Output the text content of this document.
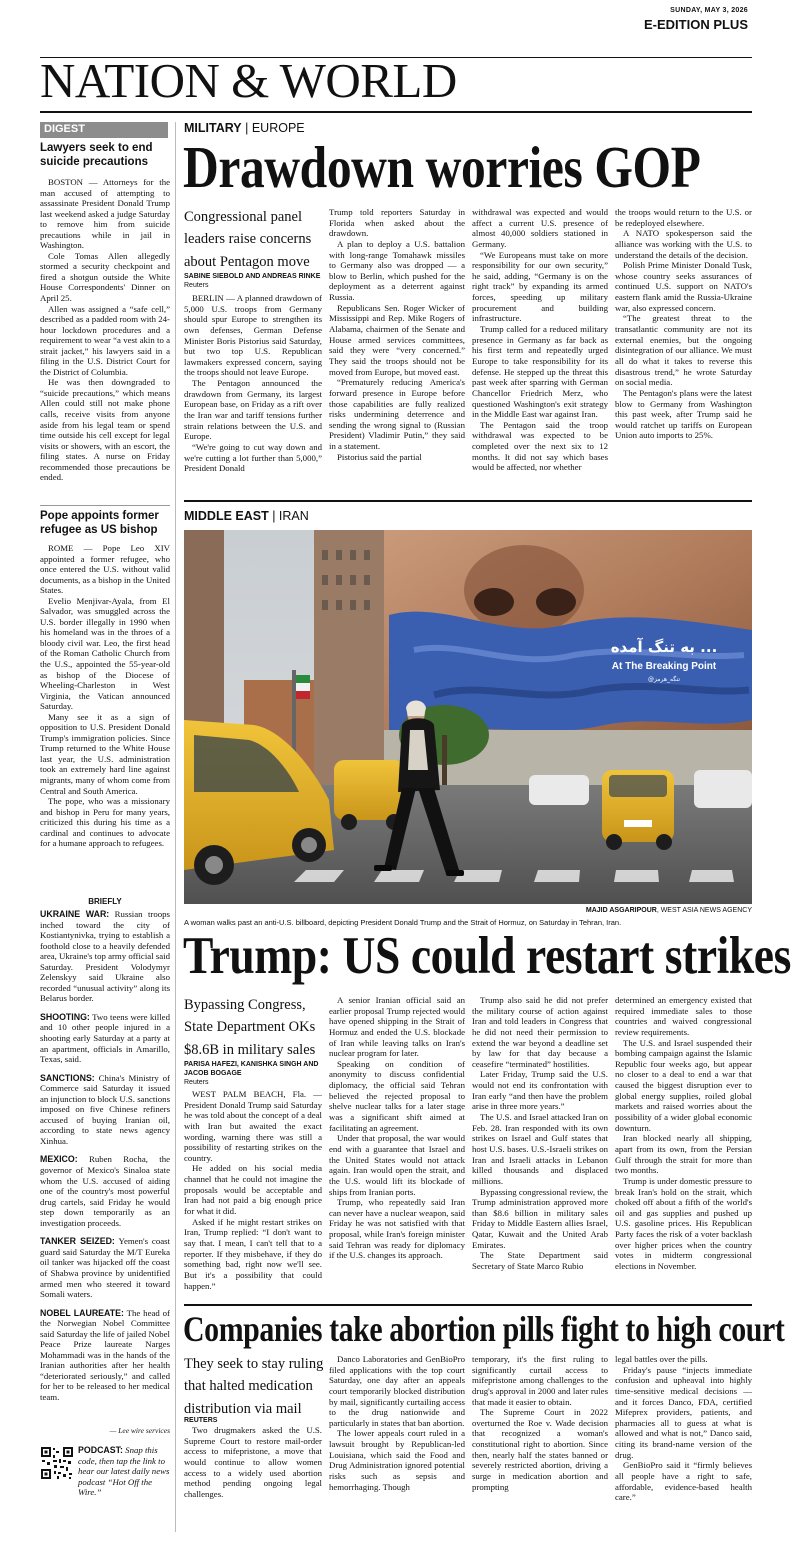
SUNDAY, MAY 3, 2026
E-EDITION PLUS
NATION & WORLD
DIGEST
Lawyers seek to end suicide precautions

BOSTON — Attorneys for the man accused of attempting to assassinate President Donald Trump last weekend asked a judge Saturday to remove him from suicide precautions while in jail in Washington.

Cole Tomas Allen allegedly stormed a security checkpoint and fired a shotgun outside the White House Correspondents' Dinner on April 25.

Allen was assigned a “safe cell,” described as a padded room with 24-hour lockdown procedures and a requirement to wear “a vest akin to a strait jacket,” his lawyers said in a filing in the U.S. District Court for the District of Columbia.

He was then downgraded to “suicide precautions,” which means Allen could still not make phone calls, receive visits from anyone aside from his legal team or spend time outside his cell except for legal visits or showers, with an escort, the filing states. A nurse on Friday recommended those precautions be ended.

Pope appoints former refugee as US bishop

ROME — Pope Leo XIV appointed a former refugee, who once entered the U.S. without valid documents, as a bishop in the United States.

Evelio Menjivar-Ayala, from El Salvador, was smuggled across the U.S. border illegally in 1990 when his homeland was in the throes of a bloody civil war. Leo, the first head of the Roman Catholic Church from the U.S., appointed the 55-year-old as bishop of the Diocese of Wheeling-Charleston in West Virginia, the Vatican announced Saturday.

Many see it as a sign of opposition to U.S. President Donald Trump's immigration policies. Since Trump returned to the White House last year, the U.S. administration took an extremely hard line against migrants, many of whom come from Central and South America.

The pope, who was a missionary and bishop in Peru for many years, criticized this during his time as a cardinal and continues to advocate for a humane approach to refugees.

BRIEFLY
UKRAINE WAR: Russian troops inched toward the city of Kostiantynivka, trying to establish a foothold close to a heavily defended area, Ukraine's top army official said Saturday. President Volodymyr Zelenskyy said Ukraine also recorded “unusual activity” along its Belarus border.
SHOOTING: Two teens were killed and 10 other people injured in a shooting early Saturday at a party at an apartment, officials in Amarillo, Texas, said.
SANCTIONS: China's Ministry of Commerce said Saturday it issued an injunction to block U.S. sanctions imposed on five Chinese refiners accused of buying Iranian oil, according to state news agency Xinhua.
MEXICO: Ruben Rocha, the governor of Mexico's Sinaloa state whom the U.S. accused of aiding one of the country's most powerful drug cartels, said Friday he would step down temporarily as an investigation proceeds.
TANKER SEIZED: Yemen's coast guard said Saturday the M/T Eureka oil tanker was hijacked off the coast of Shabwa province by unidentified armed men who steered it toward Somali waters.
NOBEL LAUREATE: The head of the Norwegian Nobel Committee said Saturday the life of jailed Nobel Peace Prize laureate Narges Mohammadi was in the hands of the Iranian authorities after her health “deteriorated seriously,” and called for her to be released to her medical team.
— Lee wire services
PODCAST: Snap this code, then tap the link to hear our latest daily news podcast “Hot Off the Wire.”
MILITARY | EUROPE
Drawdown worries GOP
Congressional panel leaders raise concerns about Pentagon move
SABINE SIEBOLD AND ANDREAS RINKE
Reuters

BERLIN — A planned drawdown of 5,000 U.S. troops from Germany should spur Europe to strengthen its own defenses, German Defense Minister Boris Pistorius said Saturday, but two top U.S. Republican lawmakers expressed concern, saying the troops should not leave Europe.

The Pentagon announced the drawdown from Germany, its largest European base, on Friday as a rift over the Iran war and tariff tensions further strain relations between the U.S. and Europe.

“We're going to cut way down and we're cutting a lot further than 5,000,” President Donald

Trump told reporters Saturday in Florida when asked about the drawdown.

A plan to deploy a U.S. battalion with long-range Tomahawk missiles to Germany also was dropped — a blow to Berlin, which pushed for the deployment as a deterrent against Russia.

Republicans Sen. Roger Wicker of Mississippi and Rep. Mike Rogers of Alabama, chairmen of the Senate and House armed services committees, said they were “very concerned.” They said the troops should not be moved from Europe, but moved east.

“Prematurely reducing America's forward presence in Europe before those capabilities are fully realized risks undermining deterrence and sending the wrong signal to (Russian President) Vladimir Putin,” they said in a statement.

Pistorius said the partial

withdrawal was expected and would affect a current U.S. presence of almost 40,000 soldiers stationed in Germany.

“We Europeans must take on more responsibility for our own security,” he said, adding, “Germany is on the right track” by expanding its armed forces, speeding up military procurement and building infrastructure.

Trump called for a reduced military presence in Germany as far back as his first term and repeatedly urged Europe to take responsibility for its defense. He stepped up the threat this past week after sparring with German Chancellor Friedrich Merz, who questioned Washington's exit strategy in the Middle East war against Iran.

The Pentagon said the troop withdrawal was expected to be completed over the next six to 12 months. It did not say which bases would be affected, nor whether

the troops would return to the U.S. or be redeployed elsewhere.

A NATO spokesperson said the alliance was working with the U.S. to understand the details of the decision.

Polish Prime Minister Donald Tusk, whose country seeks assurances of continued U.S. support on NATO's eastern flank amid the Russia-Ukraine war, also expressed concern.

“The greatest threat to the transatlantic community are not its external enemies, but the ongoing disintegration of our alliance. We must all do what it takes to reverse this disastrous trend,” he wrote Saturday on social media.

The Pentagon's plans were the latest blow to Germany from Washington this past week, after Trump said he would ratchet up tariffs on European Union auto imports to 25%.

MIDDLE EAST | IRAN
به تنگ آمده ...
At The Breaking Point
@تنگه_هرمز
MAJID ASGARIPOUR, WEST ASIA NEWS AGENCY
A woman walks past an anti-U.S. billboard, depicting President Donald Trump and the Strait of Hormuz, on Saturday in Tehran, Iran.
Trump: US could restart strikes
Bypassing Congress, State Department OKs $8.6B in military sales
PARISA HAFEZI, KANISHKA SINGH AND JACOB BOGAGE
Reuters

WEST PALM BEACH, Fla. — President Donald Trump said Saturday he was told about the concept of a deal with Iran but awaited the exact wording, warning there was still a possibility of restarting strikes on the country.

He added on his social media channel that he could not imagine the proposals would be acceptable and Iran had not paid a big enough price for what it did.

Asked if he might restart strikes on Iran, Trump replied: “I don't want to say that. I mean, I can't tell that to a reporter. If they misbehave, if they do something bad, right now we'll see. But it's a possibility that could happen.”

A senior Iranian official said an earlier proposal Trump rejected would have opened shipping in the Strait of Hormuz and ended the U.S. blockade of Iran while leaving talks on Iran's nuclear program for later.

Speaking on condition of anonymity to discuss confidential diplomacy, the official said Tehran believed the rejected proposal to shelve nuclear talks for a later stage was a significant shift aimed at facilitating an agreement.

Under that proposal, the war would end with a guarantee that Israel and the United States would not attack again. Iran would open the strait, and the U.S. would lift its blockade of ships from Iranian ports.

Trump, who repeatedly said Iran can never have a nuclear weapon, said Friday he was not satisfied with that proposal, while Iran's foreign minister said Tehran was ready for diplomacy if the U.S. changes its approach.

Trump also said he did not prefer the military course of action against Iran and told leaders in Congress that he did not need their permission to extend the war beyond a deadline set by law for that day because a ceasefire “terminated” hostilities.

Later Friday, Trump said the U.S. would not end its confrontation with Iran early “and then have the problem arise in three more years.”

The U.S. and Israel attacked Iran on Feb. 28. Iran responded with its own strikes on Israel and Gulf states that host U.S. bases. U.S.-Israeli strikes on Iran and Israeli attacks in Lebanon killed thousands and displaced millions.

Bypassing congressional review, the Trump administration approved more than $8.6 billion in military sales Friday to Middle Eastern allies Israel, Qatar, Kuwait and the United Arab Emirates.

The State Department said Secretary of State Marco Rubio

determined an emergency existed that required immediate sales to those countries and waived congressional review requirements.

The U.S. and Israel suspended their bombing campaign against the Islamic Republic four weeks ago, but appear no closer to a deal to end a war that caused the biggest disruption ever to global energy supplies, roiled global markets and raised worries about the possibility of a wider global economic downturn.

Iran blocked nearly all shipping, apart from its own, from the Persian Gulf through the strait for more than two months.

Trump is under domestic pressure to break Iran's hold on the strait, which choked off about a fifth of the world's oil and gas supplies and pushed up U.S. gasoline prices. His Republican Party faces the risk of a voter backlash over higher prices when the country votes in midterm congressional elections in November.

Companies take abortion pills fight to high court
They seek to stay ruling that halted medication distribution via mail
REUTERS

Two drugmakers asked the U.S. Supreme Court to restore mail-order access to mifepristone, a move that would continue to allow women access to a widely used abortion method pending ongoing legal challenges.

Danco Laboratories and GenBioPro filed applications with the top court Saturday, one day after an appeals court temporarily blocked distribution by mail, significantly curtailing access to the drug nationwide and particularly in states that ban abortion.

The lower appeals court ruled in a lawsuit brought by Republican-led Louisiana, which said the Food and Drug Administration ignored potential risks such as sepsis and hemorrhaging. Though

temporary, it's the first ruling to significantly curtail access to mifepristone among challenges to the drug's approval in 2000 and later rules that made it easier to obtain.

The Supreme Court in 2022 overturned the Roe v. Wade decision that recognized a woman's constitutional right to abortion. Since then, nearly half the states banned or severely restricted abortion, driving a surge in medication abortion and prompting

legal battles over the pills.

Friday's pause “injects immediate confusion and upheaval into highly time-sensitive medical decisions — and it forces Danco, FDA, certified Mifeprex providers, patients, and pharmacies all to guess at what is allowed and what is not,” Danco said, citing its brand-name version of the drug.

GenBioPro said it “firmly believes all people have a right to safe, affordable, evidence-based health care.”
